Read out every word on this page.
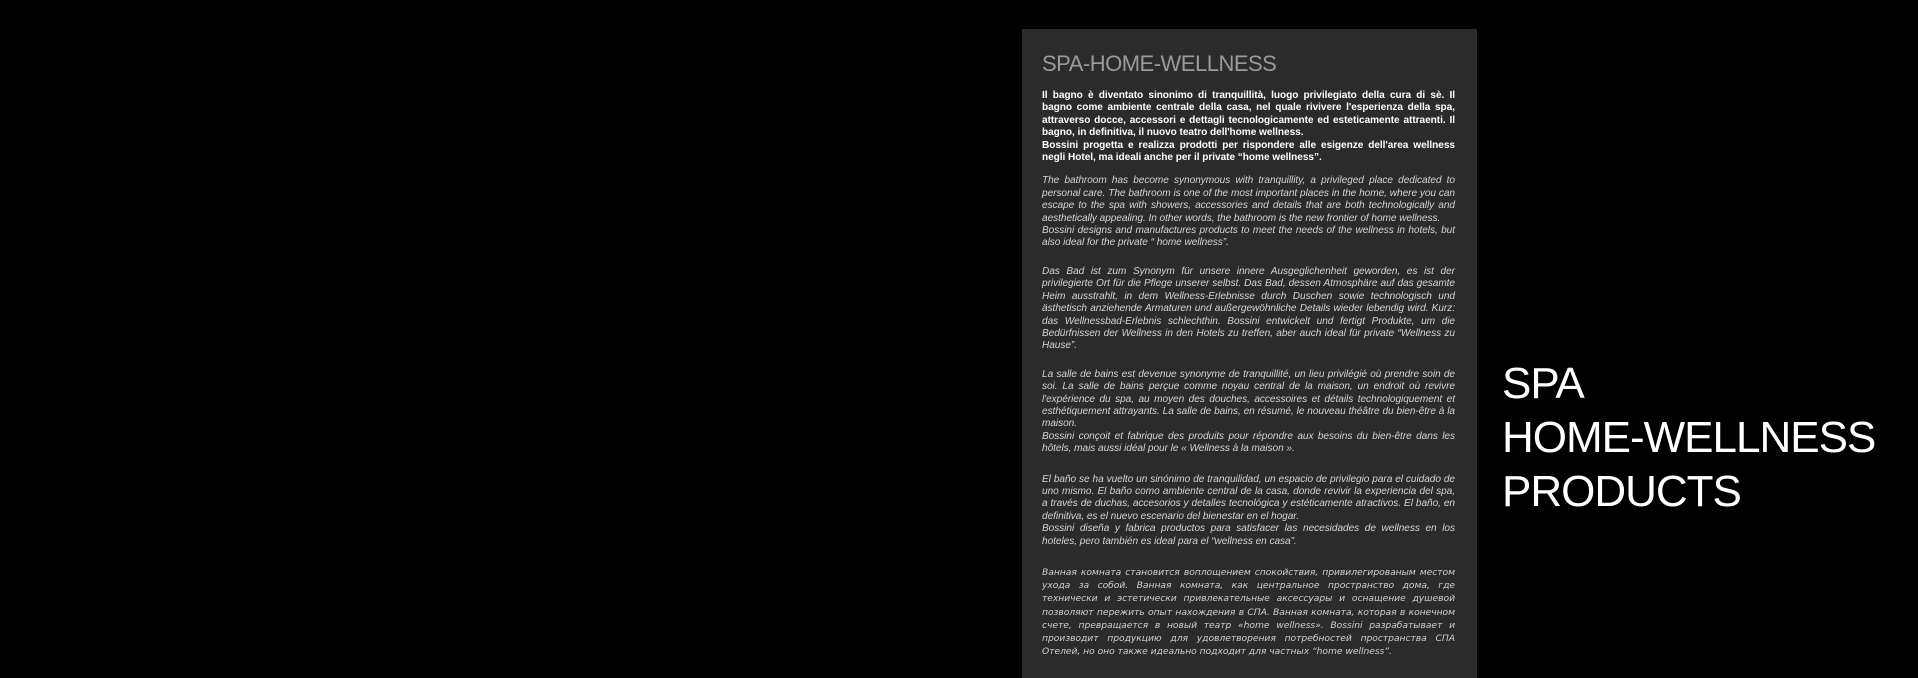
SPA-HOME-WELLNESS

Il bagno è diventato sinonimo di tranquillità, luogo privilegiato della cura di sè. Il bagno come ambiente centrale della casa, nel quale rivivere l'esperienza della spa, attraverso docce, accessori e dettagli tecnologicamente ed esteticamente attraenti. Il bagno, in definitiva, il nuovo teatro dell'home wellness.
Bossini progetta e realizza prodotti per rispondere alle esigenze dell'area wellness negli Hotel, ma ideali anche per il private “home wellness”.

The bathroom has become synonymous with tranquillity, a privileged place dedicated to personal care. The bathroom is one of the most important places in the home, where you can escape to the spa with showers, accessories and details that are both technologically and aesthetically appealing. In other words, the bathroom is the new frontier of home wellness.
Bossini designs and manufactures products to meet the needs of the wellness in hotels, but also ideal for the private “ home wellness”.

Das Bad ist zum Synonym für unsere innere Ausgeglichenheit geworden, es ist der privilegierte Ort für die Pflege unserer selbst. Das Bad, dessen Atmosphäre auf das gesamte Heim ausstrahlt, in dem Wellness-Erlebnisse durch Duschen sowie technologisch und ästhetisch anziehende Armaturen und außergewöhnliche Details wieder lebendig wird. Kurz: das Wellnessbad-Erlebnis schlechthin. Bossini entwickelt und fertigt Produkte, um die Bedürfnissen der Wellness in den Hotels zu treffen, aber auch ideal für private “Wellness zu Hause”.

La salle de bains est devenue synonyme de tranquillité, un lieu privilégié où prendre soin de soi. La salle de bains perçue comme noyau central de la maison, un endroit où revivre l'expérience du spa, au moyen des douches, accessoires et détails technologiquement et esthétiquement attrayants. La salle de bains, en résumé, le nouveau théâtre du bien-être à la maison.
Bossini conçoit et fabrique des produits pour répondre aux besoins du bien-être dans les hôtels, mais aussi idéal pour le « Wellness à la maison ».

El baño se ha vuelto un sinónimo de tranquilidad, un espacio de privilegio para el cuidado de uno mismo. El baño como ambiente central de la casa, donde revivir la experiencia del spa, a través de duchas, accesorios y detalles tecnológica y estéticamente atractivos. El baño, en definitiva, es el nuevo escenario del bienestar en el hogar.
Bossini diseña y fabrica productos para satisfacer las necesidades de wellness en los hoteles, pero también es ideal para el “wellness en casa”.

Ванная комната становится воплощением спокойствия, привилегированым местом ухода за собой. Ванная комната, как центральное пространство дома, где технически и эстетически привлекательные аксессуары и оснащение душевой позволяют пережить опыт нахождения в СПА. Ванная комната, которая в конечном счете, превращается в новый театр «home wellness». Bossini разрабатывает и производит продукцию для удовлетворения потребностей пространства СПА Отелей, но оно также идеально подходит для частных “home wellness”.

SPA
HOME-WELLNESS
PRODUCTS
